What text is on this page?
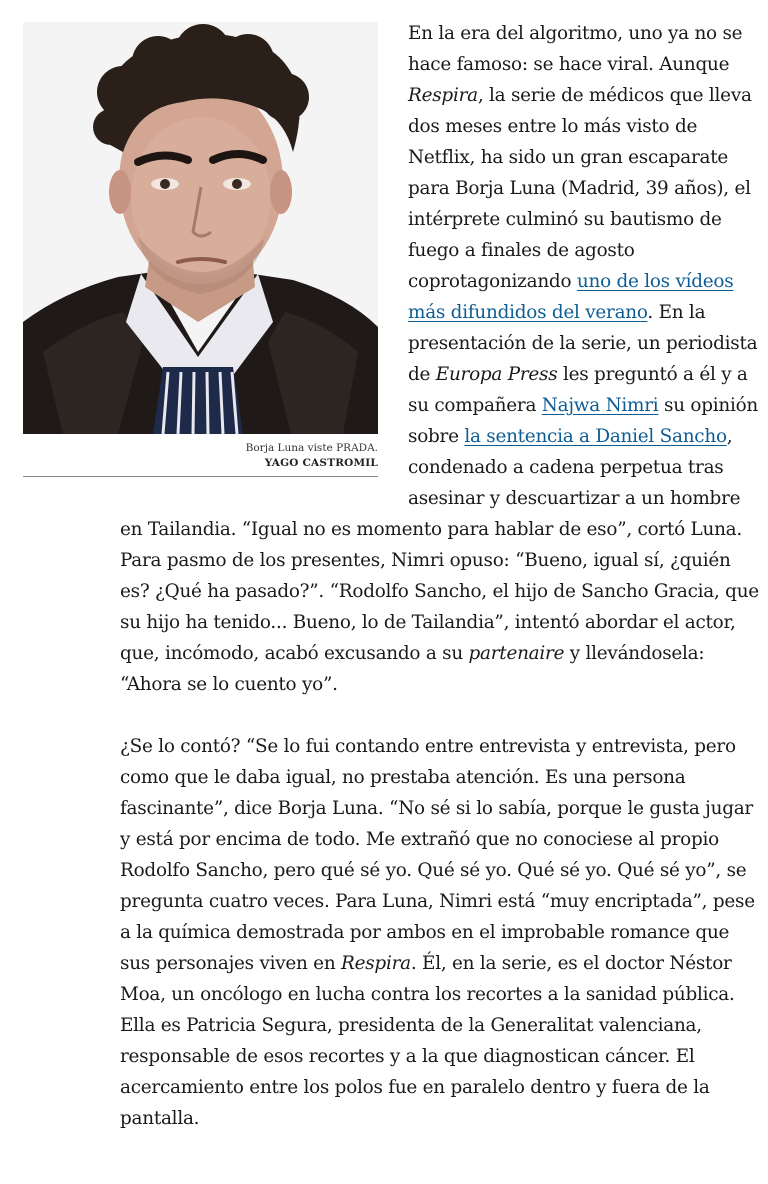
Borja Luna viste PRADA.
YAGO CASTROMIL

En la era del algoritmo, uno ya no se hace famoso: se hace viral. Aunque Respira, la serie de médicos que lleva dos meses entre lo más visto de Netflix, ha sido un gran escaparate para Borja Luna (Madrid, 39 años), el intérprete culminó su bautismo de fuego a finales de agosto coprotagonizando uno de los vídeos más difundidos del verano. En la presentación de la serie, un periodista de Europa Press les preguntó a él y a su compañera Najwa Nimri su opinión sobre la sentencia a Daniel Sancho, condenado a cadena perpetua tras asesinar y descuartizar a un hombre en Tailandia. “Igual no es momento para hablar de eso”, cortó Luna. Para pasmo de los presentes, Nimri opuso: “Bueno, igual sí, ¿quién es? ¿Qué ha pasado?”. “Rodolfo Sancho, el hijo de Sancho Gracia, que su hijo ha tenido... Bueno, lo de Tailandia”, intentó abordar el actor, que, incómodo, acabó excusando a su partenaire y llevándosela: “Ahora se lo cuento yo”.

¿Se lo contó? “Se lo fui contando entre entrevista y entrevista, pero como que le daba igual, no prestaba atención. Es una persona fascinante”, dice Borja Luna. “No sé si lo sabía, porque le gusta jugar y está por encima de todo. Me extrañó que no conociese al propio Rodolfo Sancho, pero qué sé yo. Qué sé yo. Qué sé yo. Qué sé yo”, se pregunta cuatro veces. Para Luna, Nimri está “muy encriptada”, pese a la química demostrada por ambos en el improbable romance que sus personajes viven en Respira. Él, en la serie, es el doctor Néstor Moa, un oncólogo en lucha contra los recortes a la sanidad pública. Ella es Patricia Segura, presidenta de la Generalitat valenciana, responsable de esos recortes y a la que diagnostican cáncer. El acercamiento entre los polos fue en paralelo dentro y fuera de la pantalla.
